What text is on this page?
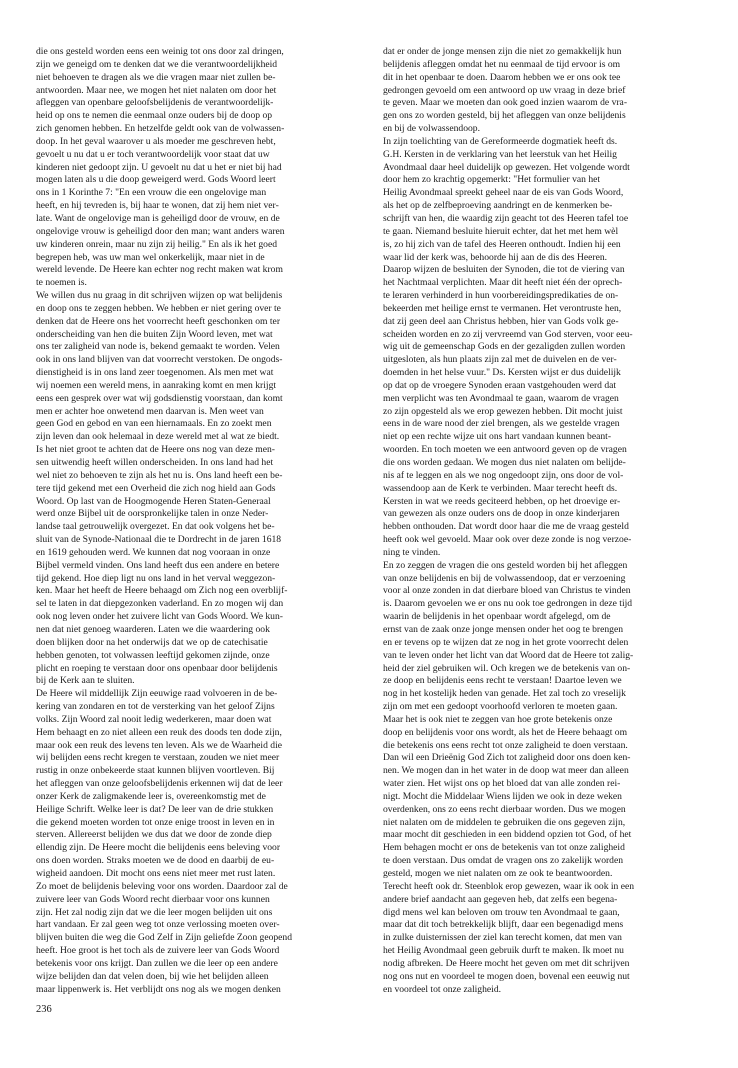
die ons gesteld worden eens een weinig tot ons door zal dringen,

zijn we geneigd om te denken dat we die verantwoordelijkheid

niet behoeven te dragen als we die vragen maar niet zullen be-

antwoorden. Maar nee, we mogen het niet nalaten om door het

afleggen van openbare geloofsbelijdenis de verantwoordelijk-

heid op ons te nemen die eenmaal onze ouders bij de doop op

zich genomen hebben. En hetzelfde geldt ook van de volwassen-

doop. In het geval waarover u als moeder me geschreven hebt,

gevoelt u nu dat u er toch verantwoordelijk voor staat dat uw

kinderen niet gedoopt zijn. U gevoelt nu dat u het er niet bij had

mogen laten als u die doop geweigerd werd. Gods Woord leert

ons in 1 Korinthe 7: "En een vrouw die een ongelovige man

heeft, en hij tevreden is, bij haar te wonen, dat zij hem niet ver-

late. Want de ongelovige man is geheiligd door de vrouw, en de

ongelovige vrouw is geheiligd door den man; want anders waren

uw kinderen onrein, maar nu zijn zij heilig." En als ik het goed

begrepen heb, was uw man wel onkerkelijk, maar niet in de

wereld levende. De Heere kan echter nog recht maken wat krom

te noemen is.

We willen dus nu graag in dit schrijven wijzen op wat belijdenis

en doop ons te zeggen hebben. We hebben er niet gering over te

denken dat de Heere ons het voorrecht heeft geschonken om ter

onderscheiding van hen die buiten Zijn Woord leven, met wat

ons ter zaligheid van node is, bekend gemaakt te worden. Velen

ook in ons land blijven van dat voorrecht verstoken. De ongods-

dienstigheid is in ons land zeer toegenomen. Als men met wat

wij noemen een wereld mens, in aanraking komt en men krijgt

eens een gesprek over wat wij godsdienstig voorstaan, dan komt

men er achter hoe onwetend men daarvan is. Men weet van

geen God en gebod en van een hiernamaals. En zo zoekt men

zijn leven dan ook helemaal in deze wereld met al wat ze biedt.

Is het niet groot te achten dat de Heere ons nog van deze men-

sen uitwendig heeft willen onderscheiden. In ons land had het

wel niet zo behoeven te zijn als het nu is. Ons land heeft een be-

tere tijd gekend met een Overheid die zich nog hield aan Gods

Woord. Op last van de Hoogmogende Heren Staten-Generaal

werd onze Bijbel uit de oorspronkelijke talen in onze Neder-

landse taal getrouwelijk overgezet. En dat ook volgens het be-

sluit van de Synode-Nationaal die te Dordrecht in de jaren 1618

en 1619 gehouden werd. We kunnen dat nog vooraan in onze

Bijbel vermeld vinden. Ons land heeft dus een andere en betere

tijd gekend. Hoe diep ligt nu ons land in het verval weggezon-

ken. Maar het heeft de Heere behaagd om Zich nog een overblijf-

sel te laten in dat diepgezonken vaderland. En zo mogen wij dan

ook nog leven onder het zuivere licht van Gods Woord. We kun-

nen dat niet genoeg waarderen. Laten we die waardering ook

doen blijken door na het onderwijs dat we op de catechisatie

hebben genoten, tot volwassen leeftijd gekomen zijnde, onze

plicht en roeping te verstaan door ons openbaar door belijdenis

bij de Kerk aan te sluiten.

De Heere wil middellijk Zijn eeuwige raad volvoeren in de be-

kering van zondaren en tot de versterking van het geloof Zijns

volks. Zijn Woord zal nooit ledig wederkeren, maar doen wat

Hem behaagt en zo niet alleen een reuk des doods ten dode zijn,

maar ook een reuk des levens ten leven. Als we de Waarheid die

wij belijden eens recht kregen te verstaan, zouden we niet meer

rustig in onze onbekeerde staat kunnen blijven voortleven. Bij

het afleggen van onze geloofsbelijdenis erkennen wij dat de leer

onzer Kerk de zaligmakende leer is, overeenkomstig met de

Heilige Schrift. Welke leer is dat? De leer van de drie stukken

die gekend moeten worden tot onze enige troost in leven en in

sterven. Allereerst belijden we dus dat we door de zonde diep

ellendig zijn. De Heere mocht die belijdenis eens beleving voor

ons doen worden. Straks moeten we de dood en daarbij de eu-

wigheid aandoen. Dit mocht ons eens niet meer met rust laten.

Zo moet de belijdenis beleving voor ons worden. Daardoor zal de

zuivere leer van Gods Woord recht dierbaar voor ons kunnen

zijn. Het zal nodig zijn dat we die leer mogen belijden uit ons

hart vandaan. Er zal geen weg tot onze verlossing moeten over-

blijven buiten die weg die God Zelf in Zijn geliefde Zoon geopend

heeft. Hoe groot is het toch als de zuivere leer van Gods Woord

betekenis voor ons krijgt. Dan zullen we die leer op een andere

wijze belijden dan dat velen doen, bij wie het belijden alleen

maar lippenwerk is. Het verblijdt ons nog als we mogen denken

dat er onder de jonge mensen zijn die niet zo gemakkelijk hun

belijdenis afleggen omdat het nu eenmaal de tijd ervoor is om

dit in het openbaar te doen. Daarom hebben we er ons ook tee

gedrongen gevoeld om een antwoord op uw vraag in deze brief

te geven. Maar we moeten dan ook goed inzien waarom de vra-

gen ons zo worden gesteld, bij het afleggen van onze belijdenis

en bij de volwassendoop.

In zijn toelichting van de Gereformeerde dogmatiek heeft ds.

G.H. Kersten in de verklaring van het leerstuk van het Heilig

Avondmaal daar heel duidelijk op gewezen. Het volgende wordt

door hem zo krachtig opgemerkt: "Het formulier van het

Heilig Avondmaal spreekt geheel naar de eis van Gods Woord,

als het op de zelfbeproeving aandringt en de kenmerken be-

schrijft van hen, die waardig zijn geacht tot des Heeren tafel toe

te gaan. Niemand besluite hieruit echter, dat het met hem wèl

is, zo hij zich van de tafel des Heeren onthoudt. Indien hij een

waar lid der kerk was, behoorde hij aan de dis des Heeren.

Daarop wijzen de besluiten der Synoden, die tot de viering van

het Nachtmaal verplichten. Maar dit heeft niet één der oprech-

te leraren verhinderd in hun voorbereidingspredikaties de on-

bekeerden met heilige ernst te vermanen. Het verontruste hen,

dat zij geen deel aan Christus hebben, hier van Gods volk ge-

scheiden worden en zo zij vervreemd van God sterven, voor eeu-

wig uit de gemeenschap Gods en der gezaligden zullen worden

uitgesloten, als hun plaats zijn zal met de duivelen en de ver-

doemden in het helse vuur." Ds. Kersten wijst er dus duidelijk

op dat op de vroegere Synoden eraan vastgehouden werd dat

men verplicht was ten Avondmaal te gaan, waarom de vragen

zo zijn opgesteld als we erop gewezen hebben. Dit mocht juist

eens in de ware nood der ziel brengen, als we gestelde vragen

niet op een rechte wijze uit ons hart vandaan kunnen beant-

woorden. En toch moeten we een antwoord geven op de vragen

die ons worden gedaan. We mogen dus niet nalaten om belijde-

nis af te leggen en als we nog ongedoopt zijn, ons door de vol-

wassendoop aan de Kerk te verbinden. Maar terecht heeft ds.

Kersten in wat we reeds geciteerd hebben, op het droevige er-

van gewezen als onze ouders ons de doop in onze kinderjaren

hebben onthouden. Dat wordt door haar die me de vraag gesteld

heeft ook wel gevoeld. Maar ook over deze zonde is nog verzoe-

ning te vinden.

En zo zeggen de vragen die ons gesteld worden bij het afleggen

van onze belijdenis en bij de volwassendoop, dat er verzoening

voor al onze zonden in dat dierbare bloed van Christus te vinden

is. Daarom gevoelen we er ons nu ook toe gedrongen in deze tijd

waarin de belijdenis in het openbaar wordt afgelegd, om de

ernst van de zaak onze jonge mensen onder het oog te brengen

en er tevens op te wijzen dat ze nog in het grote voorrecht delen

van te leven onder het licht van dat Woord dat de Heere tot zalig-

heid der ziel gebruiken wil. Och kregen we de betekenis van on-

ze doop en belijdenis eens recht te verstaan! Daartoe leven we

nog in het kostelijk heden van genade. Het zal toch zo vreselijk

zijn om met een gedoopt voorhoofd verloren te moeten gaan.

Maar het is ook niet te zeggen van hoe grote betekenis onze

doop en belijdenis voor ons wordt, als het de Heere behaagt om

die betekenis ons eens recht tot onze zaligheid te doen verstaan.

Dan wil een Drieënig God Zich tot zaligheid door ons doen ken-

nen. We mogen dan in het water in de doop wat meer dan alleen

water zien. Het wijst ons op het bloed dat van alle zonden rei-

nigt. Mocht die Middelaar Wiens lijden we ook in deze weken

overdenken, ons zo eens recht dierbaar worden. Dus we mogen

niet nalaten om de middelen te gebruiken die ons gegeven zijn,

maar mocht dit geschieden in een biddend opzien tot God, of het

Hem behagen mocht er ons de betekenis van tot onze zaligheid

te doen verstaan. Dus omdat de vragen ons zo zakelijk worden

gesteld, mogen we niet nalaten om ze ook te beantwoorden.

Terecht heeft ook dr. Steenblok erop gewezen, waar ik ook in een

andere brief aandacht aan gegeven heb, dat zelfs een begena-

digd mens wel kan beloven om trouw ten Avondmaal te gaan,

maar dat dit toch betrekkelijk blijft, daar een begenadigd mens

in zulke duisternissen der ziel kan terecht komen, dat men van

het Heilig Avondmaal geen gebruik durft te maken. Ik moet nu

nodig afbreken. De Heere mocht het geven om met dit schrijven

nog ons nut en voordeel te mogen doen, bovenal een eeuwig nut

en voordeel tot onze zaligheid.

236
